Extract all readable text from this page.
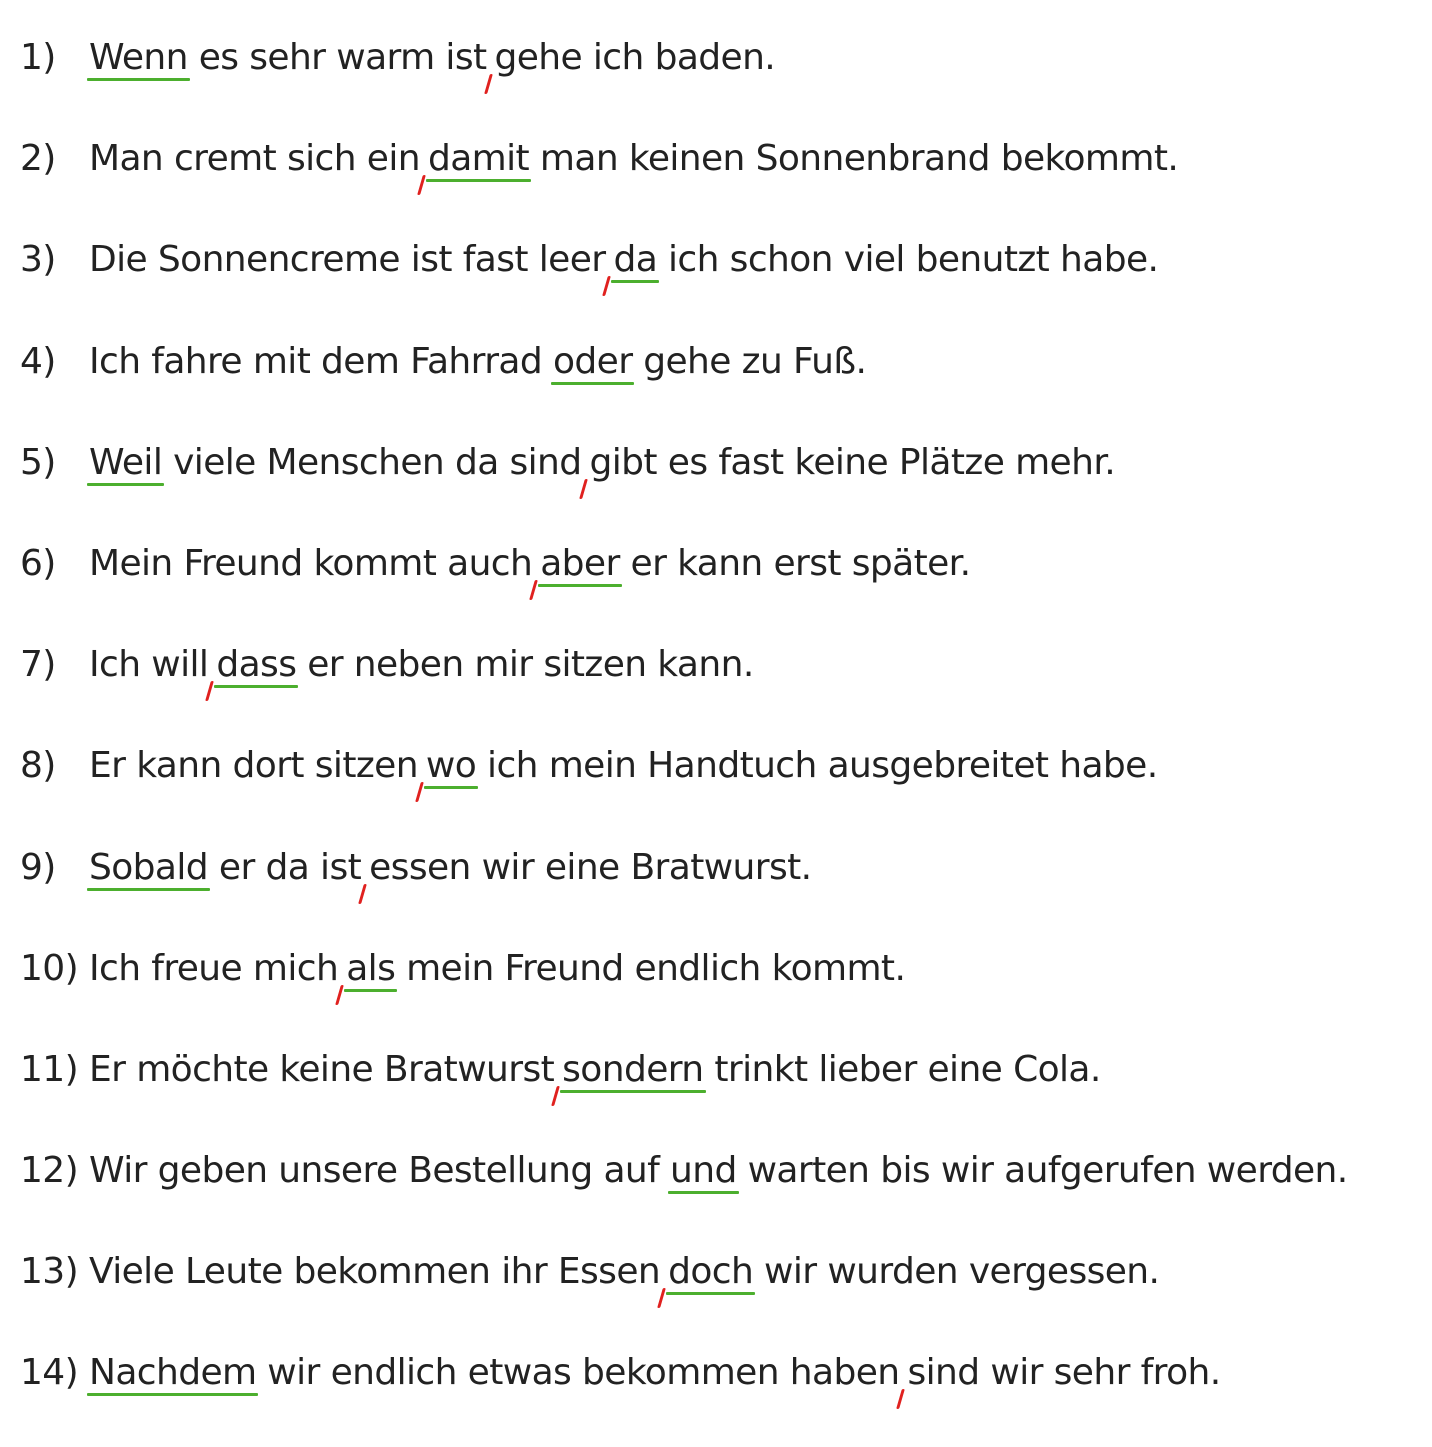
1) Wenn es sehr warm ist gehe ich baden.
2) Man cremt sich ein damit man keinen Sonnenbrand bekommt.
3) Die Sonnencreme ist fast leer da ich schon viel benutzt habe.
4) Ich fahre mit dem Fahrrad oder gehe zu Fuß.
5) Weil viele Menschen da sind gibt es fast keine Plätze mehr.
6) Mein Freund kommt auch aber er kann erst später.
7) Ich will dass er neben mir sitzen kann.
8) Er kann dort sitzen wo ich mein Handtuch ausgebreitet habe.
9) Sobald er da ist essen wir eine Bratwurst.
10) Ich freue mich als mein Freund endlich kommt.
11) Er möchte keine Bratwurst sondern trinkt lieber eine Cola.
12) Wir geben unsere Bestellung auf und warten bis wir aufgerufen werden.
13) Viele Leute bekommen ihr Essen doch wir wurden vergessen.
14) Nachdem wir endlich etwas bekommen haben sind wir sehr froh.
